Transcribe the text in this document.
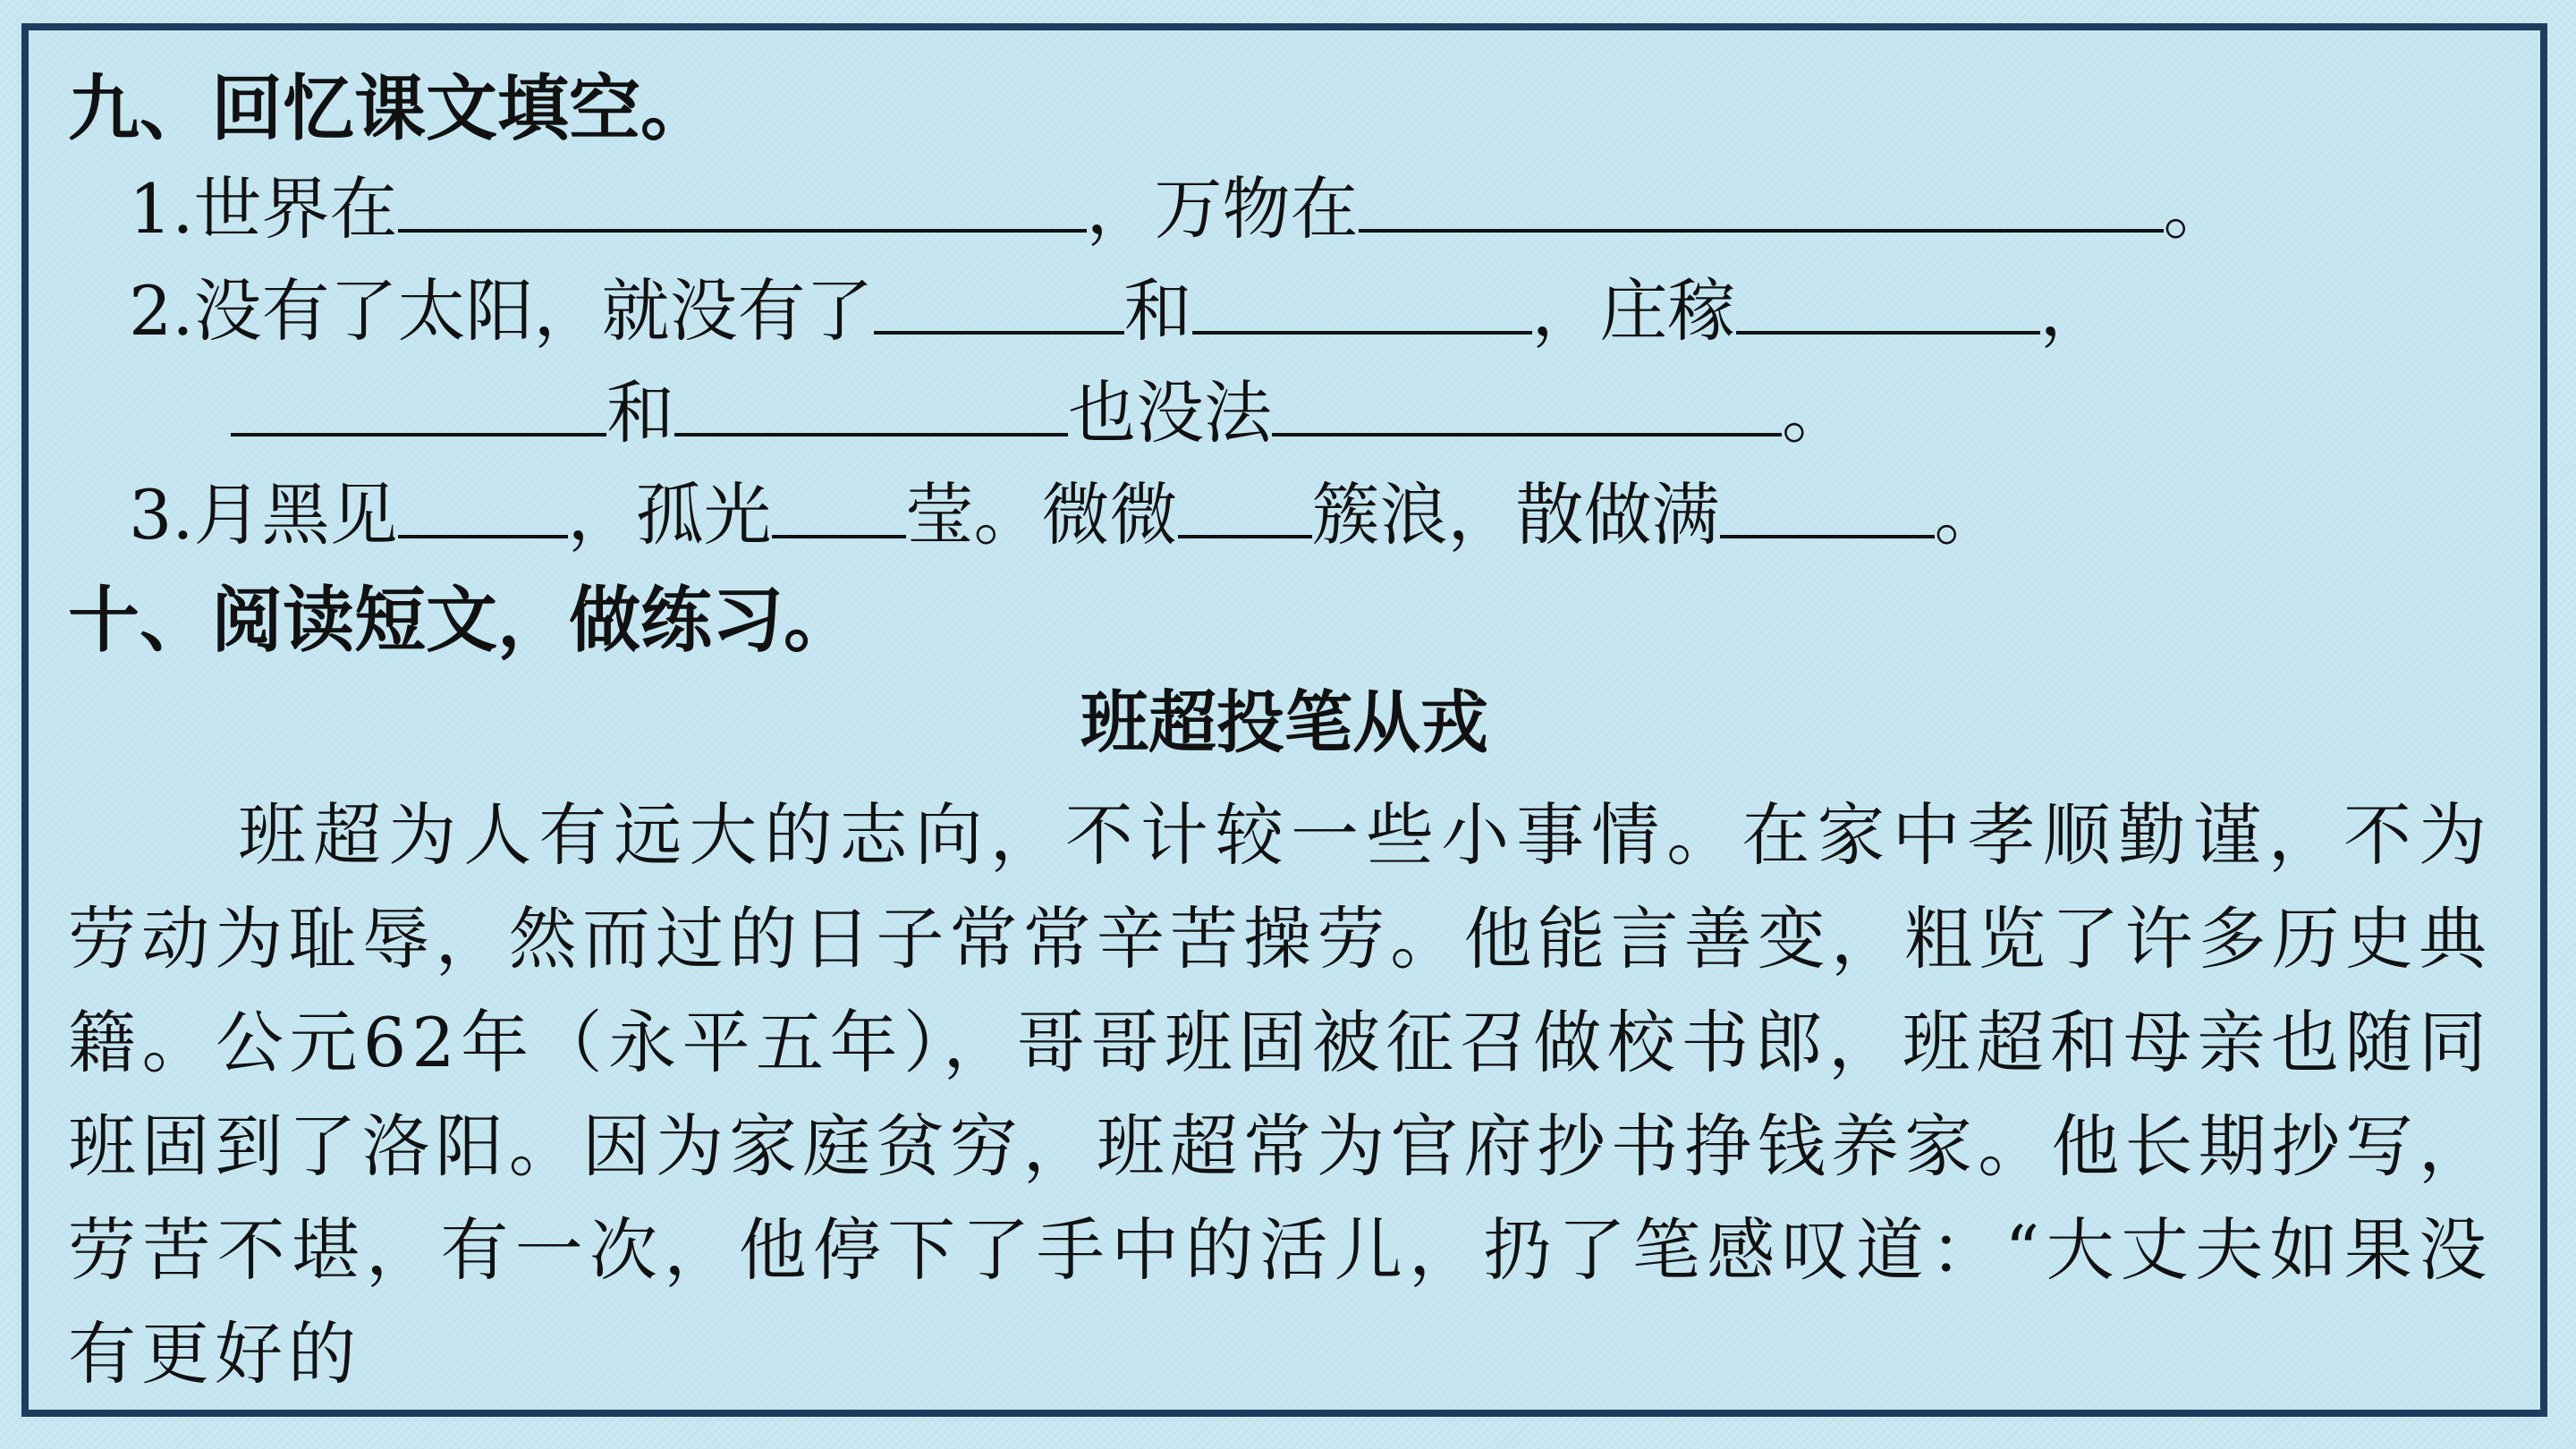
九、回忆课文填空。
1.世界在	，万物在	。
2.没有了太阳，就没有了	和	，庄稼	，
和	也没法	。
3.月黑见	，孤光 莹。微微 簇浪，散做满	。
十、阅读短文，做练习。
班超投笔从戎
班超为人有远大的志向，不计较一些小事情。在家中孝顺勤谨，不为劳动为耻辱，然而过的日子常常辛苦操劳。他能言善变，粗览了许多历史典籍。公元62年（永平五年），哥哥班固被征召做校书郎，班超和母亲也随同班固到了洛阳。因为家庭贫穷，班超常为官府抄书挣钱养家。他长期抄写，劳苦不堪，有一次，他停下了手中的活儿，扔了笔感叹道：“大丈夫如果没有更好的
